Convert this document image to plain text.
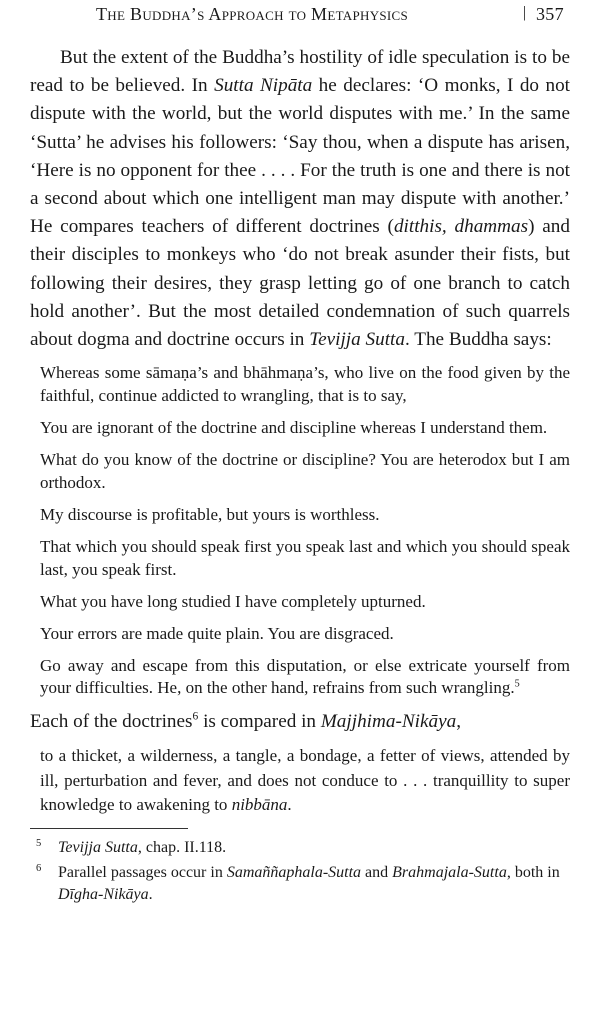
The Buddha’s Approach to Metaphysics	| 357

But the extent of the Buddha’s hostility of idle speculation is to be read to be believed. In Sutta Nipāta he declares: ‘O monks, I do not dispute with the world, but the world disputes with me.’ In the same ‘Sutta’ he advises his followers: ‘Say thou, when a dispute has arisen, ‘Here is no opponent for thee . . . . For the truth is one and there is not a second about which one intelligent man may dispute with another.’ He compares teachers of different doctrines (ditthis, dhammas) and their disciples to monkeys who ‘do not break asunder their fists, but following their desires, they grasp letting go of one branch to catch hold another’. But the most detailed condemnation of such quarrels about dogma and doctrine occurs in Tevijja Sutta. The Buddha says:

Whereas some sāmaṇa’s and bhāhmaṇa’s, who live on the food given by the faithful, continue addicted to wrangling, that is to say,

You are ignorant of the doctrine and discipline whereas I understand them.

What do you know of the doctrine or discipline? You are heterodox but I am orthodox.

My discourse is profitable, but yours is worthless.

That which you should speak first you speak last and which you should speak last, you speak first.

What you have long studied I have completely upturned.

Your errors are made quite plain. You are disgraced.

Go away and escape from this disputation, or else extricate yourself from your difficulties. He, on the other hand, refrains from such wrangling.$^5$

Each of the doctrines$^6$ is compared in Majjhima-Nikāya,

to a thicket, a wilderness, a tangle, a bondage, a fetter of views, attended by ill, perturbation and fever, and does not conduce to . . . tranquillity to super knowledge to awakening to nibbāna.

5 Tevijja Sutta, chap. II.118.
6 Parallel passages occur in Samaññaphala-Sutta and Brahmajala-Sutta, both in Dīgha-Nikāya.
